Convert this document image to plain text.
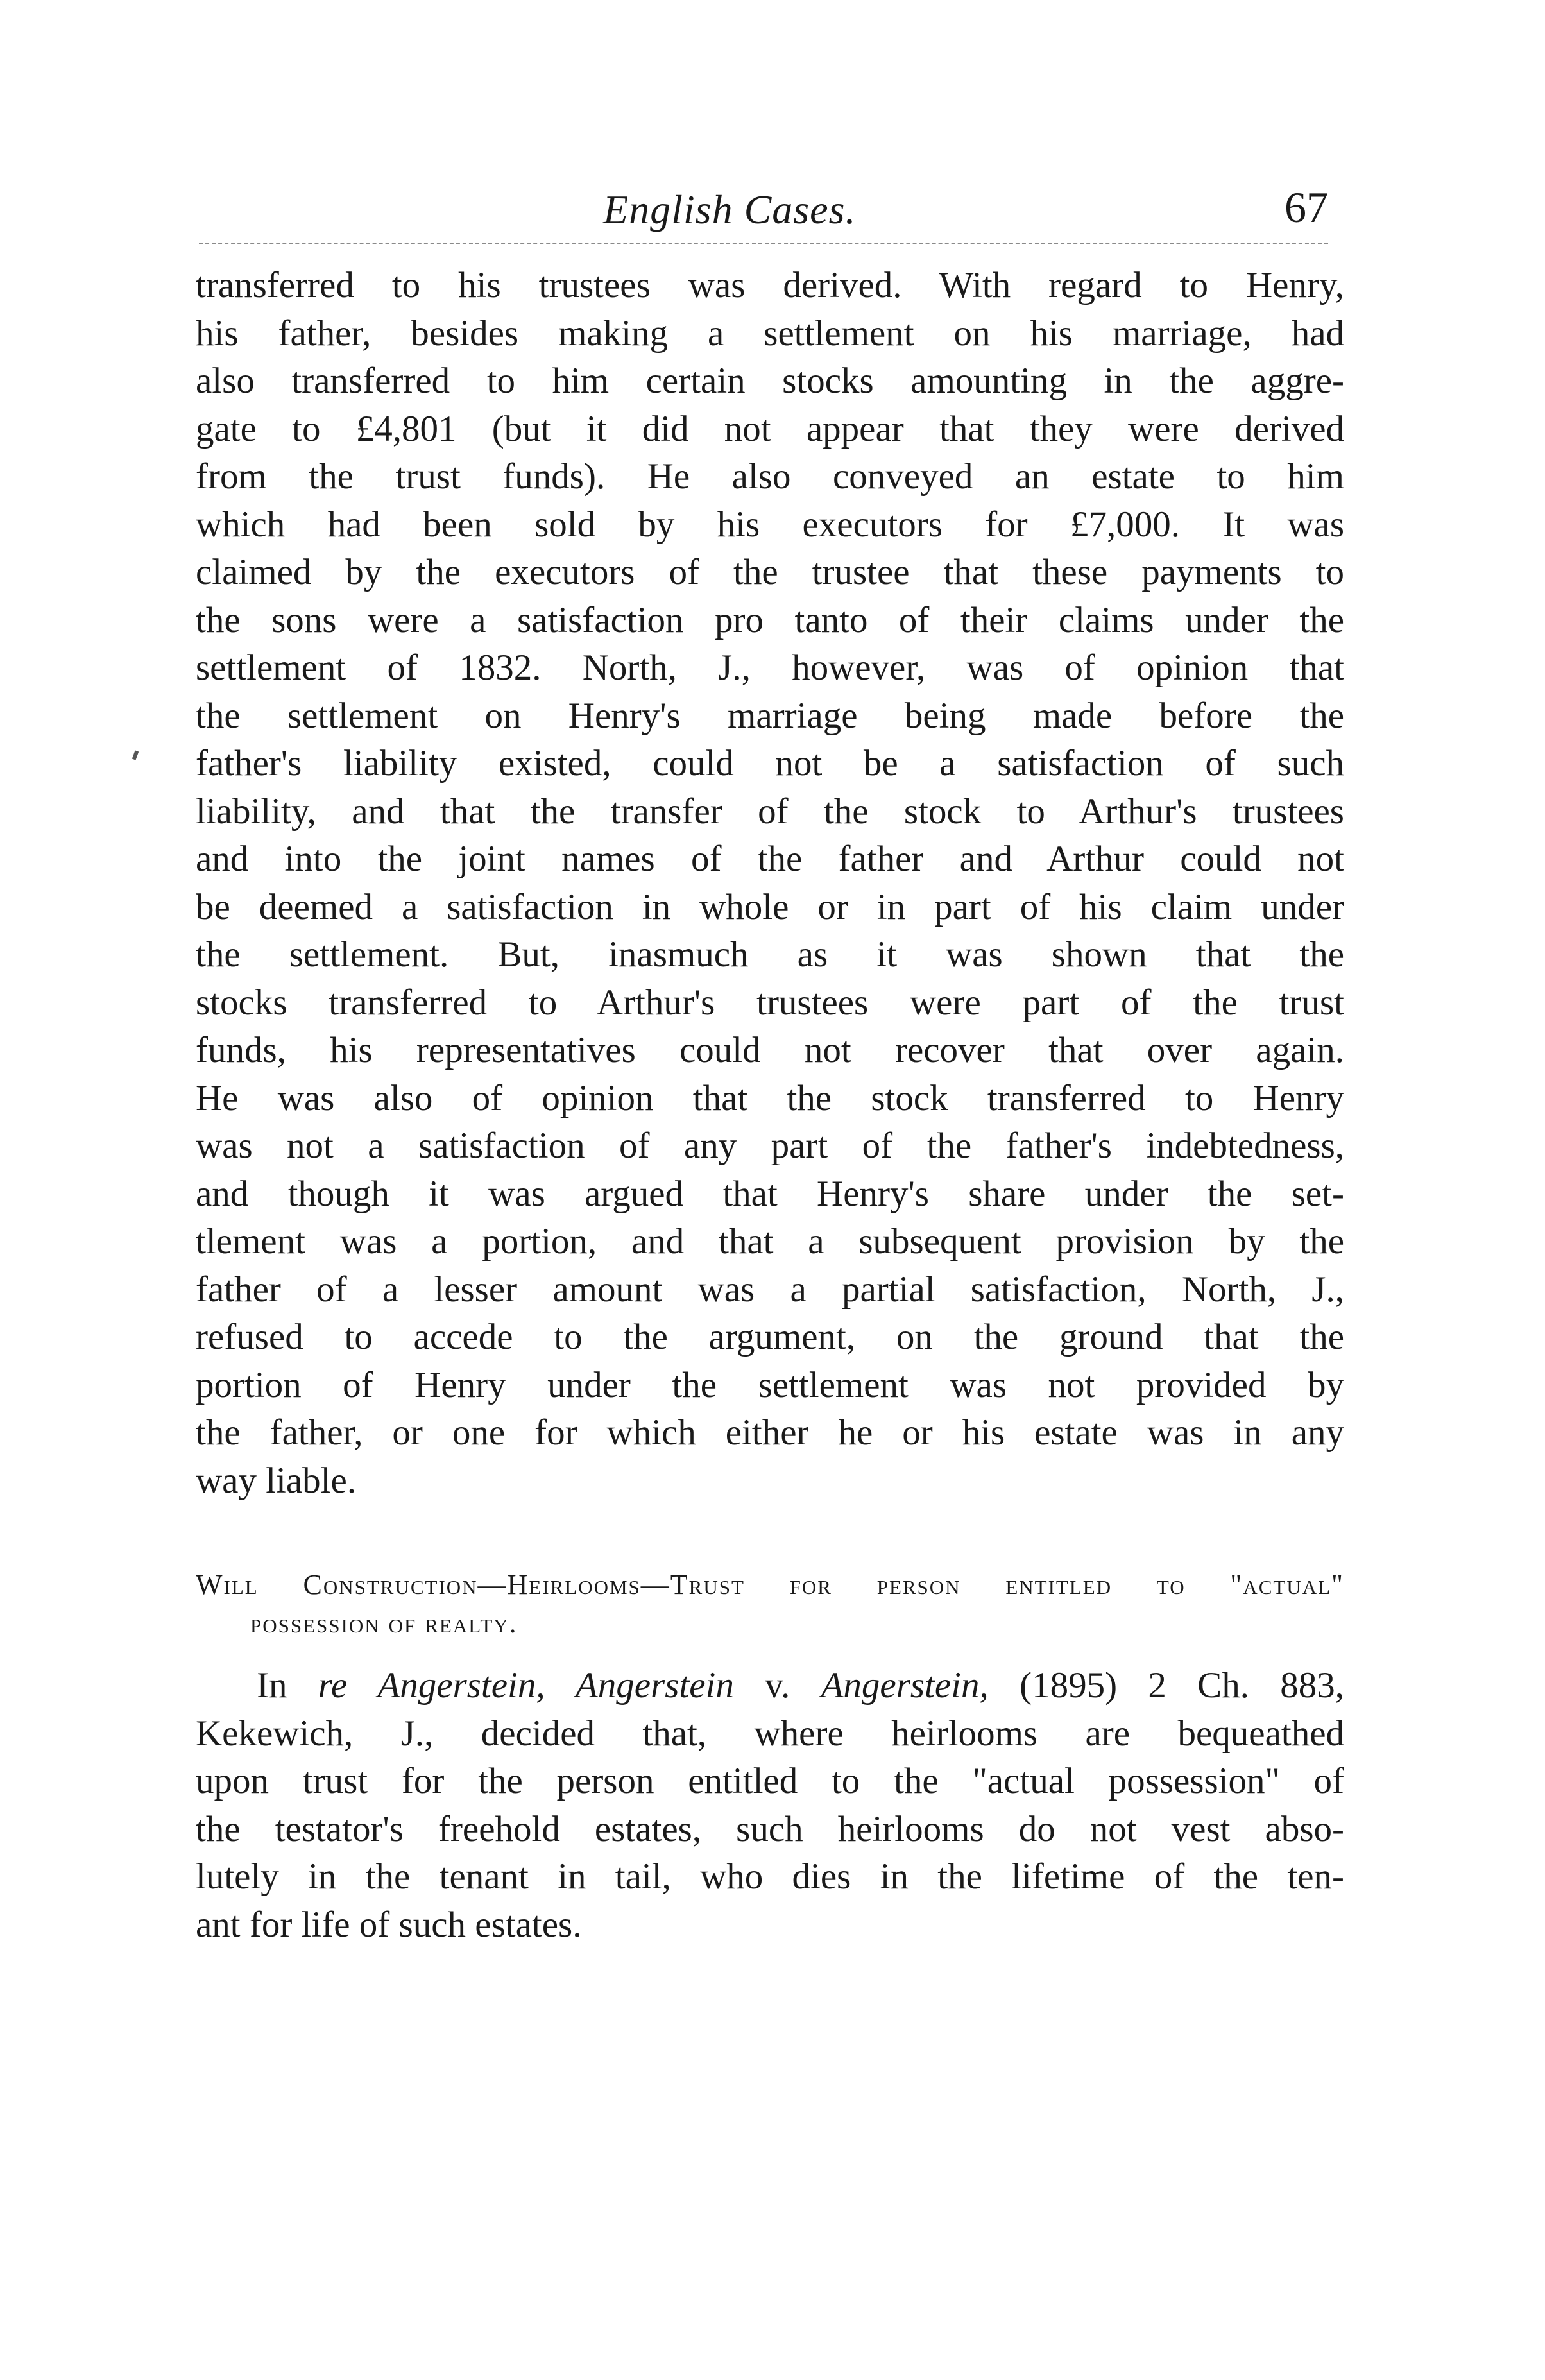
English Cases.	67
transferred to his trustees was derived. With regard to Henry,
his father, besides making a settlement on his marriage, had
also transferred to him certain stocks amounting in the aggre-
gate to £4,801 (but it did not appear that they were derived
from the trust funds). He also conveyed an estate to him
which had been sold by his executors for £7,000. It was
claimed by the executors of the trustee that these payments to
the sons were a satisfaction pro tanto of their claims under the
settlement of 1832. North, J., however, was of opinion that
the settlement on Henry's marriage being made before the
father's liability existed, could not be a satisfaction of such
liability, and that the transfer of the stock to Arthur's trustees
and into the joint names of the father and Arthur could not
be deemed a satisfaction in whole or in part of his claim under
the settlement. But, inasmuch as it was shown that the
stocks transferred to Arthur's trustees were part of the trust
funds, his representatives could not recover that over again.
He was also of opinion that the stock transferred to Henry
was not a satisfaction of any part of the father's indebtedness,
and though it was argued that Henry's share under the set-
tlement was a portion, and that a subsequent provision by the
father of a lesser amount was a partial satisfaction, North, J.,
refused to accede to the argument, on the ground that the
portion of Henry under the settlement was not provided by
the father, or one for which either he or his estate was in any
way liable.
Will Construction—Heirlooms—Trust for person entitled to "actual"
possession of realty.
In re Angerstein, Angerstein v. Angerstein, (1895) 2 Ch. 883,
Kekewich, J., decided that, where heirlooms are bequeathed
upon trust for the person entitled to the "actual possession" of
the testator's freehold estates, such heirlooms do not vest abso-
lutely in the tenant in tail, who dies in the lifetime of the ten-
ant for life of such estates.
